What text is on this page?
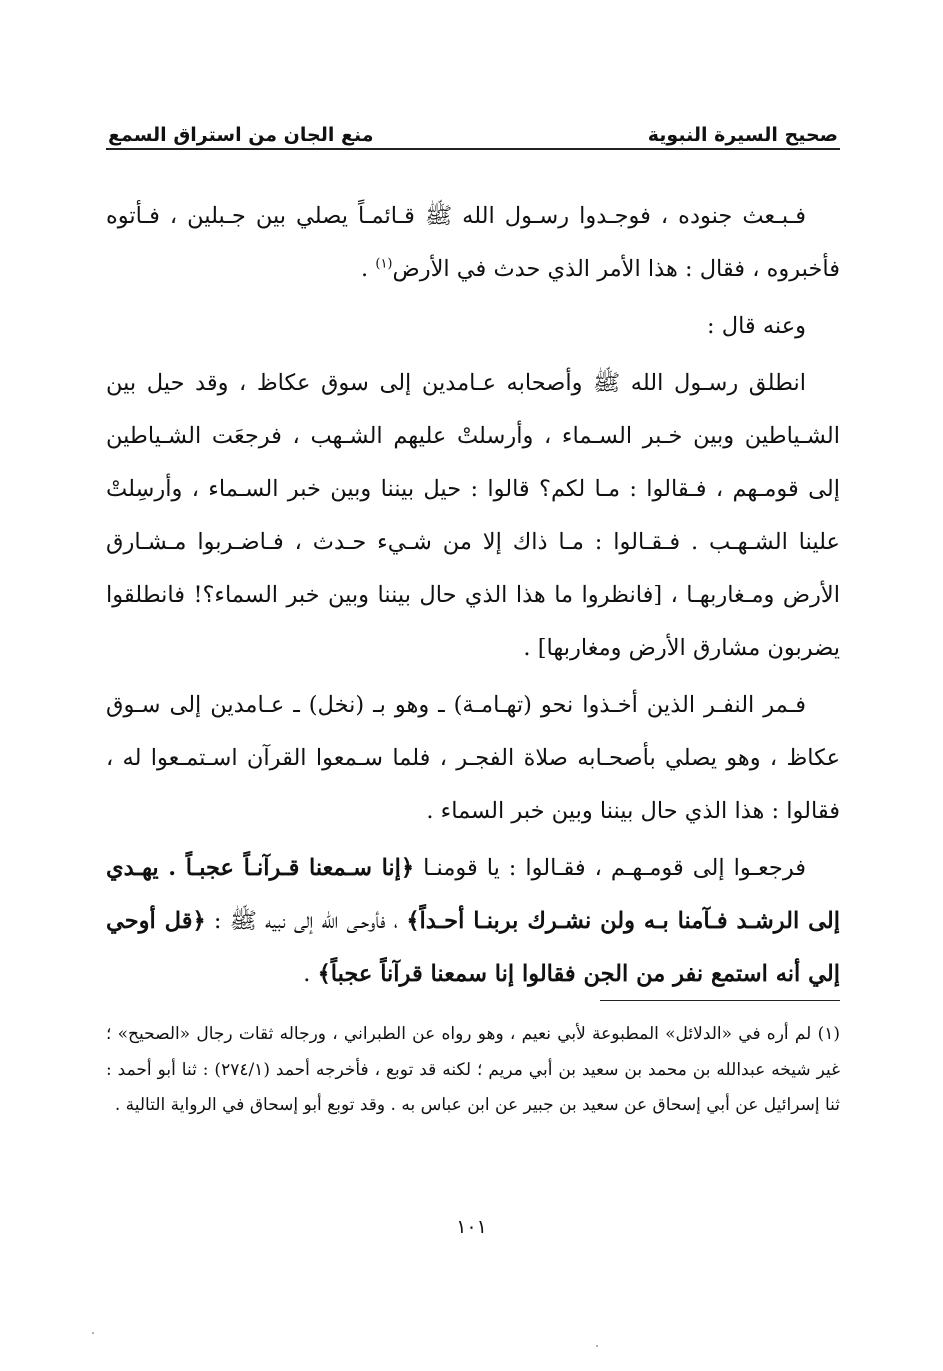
صحيح السيرة النبوية
منع الجان من استراق السمع

فـبـعث جنوده ، فوجـدوا رسـول الله ﷺ قـائمـاً يصلي بين جـبلين ، فـأتوه فأخبروه ، فقال : هذا الأمر الذي حدث في الأرض$^{(١)}$ .

وعنه قال :

انطلق رسـول الله ﷺ وأصحابه عـامدين إلى سوق عكاظ ، وقد حيل بين الشـياطين وبين خـبر السـماء ، وأرسلتْ عليهم الشـهب ، فرجعَت الشـياطين إلى قومـهم ، فـقالوا : مـا لكم؟ قالوا : حيل بيننا وبين خبر السـماء ، وأرسِلتْ علينا الشـهـب . فـقـالوا : مـا ذاك إلا من شـيء حـدث ، فـاضـربوا مـشـارق الأرض ومـغاربهـا ، [فانظروا ما هذا الذي حال بيننا وبين خبر السماء؟! فانطلقوا يضربون مشارق الأرض ومغاربها] .

فـمر النفـر الذين أخـذوا نحو (تهـامـة) ـ وهو بـ (نخل) ـ عـامدين إلى سـوق عكاظ ، وهو يصلي بأصحـابه صلاة الفجـر ، فلما سـمعوا القرآن اسـتمـعوا له ، فقالوا : هذا الذي حال بيننا وبين خبر السماء .

فرجعـوا إلى قومـهـم ، فقـالوا : يا قومنـا ﴿إنا سـمعنا قـرآنـاً عجبـاً . يهـدي إلى الرشـد فـآمنا بـه ولن نشـرك بربنـا أحـداً﴾ ، فأوحـى الله إلى نبيه ﷺ : ﴿قل أوحي إلي أنه استمع نفر من الجن فقالوا إنا سمعنا قرآناً عجباً﴾ .

(١) لم أره في «الدلائل» المطبوعة لأبي نعيم ، وهو رواه عن الطبراني ، ورجاله ثقات رجال «الصحيح» ؛ غير شيخه عبدالله بن محمد بن سعيد بن أبي مريم ؛ لكنه قد توبع ، فأخرجه أحمد (٢٧٤/١) : ثنا أبو أحمد : ثنا إسرائيل عن أبي إسحاق عن سعيد بن جبير عن ابن عباس به . وقد توبع أبو إسحاق في الرواية التالية .

١٠١
